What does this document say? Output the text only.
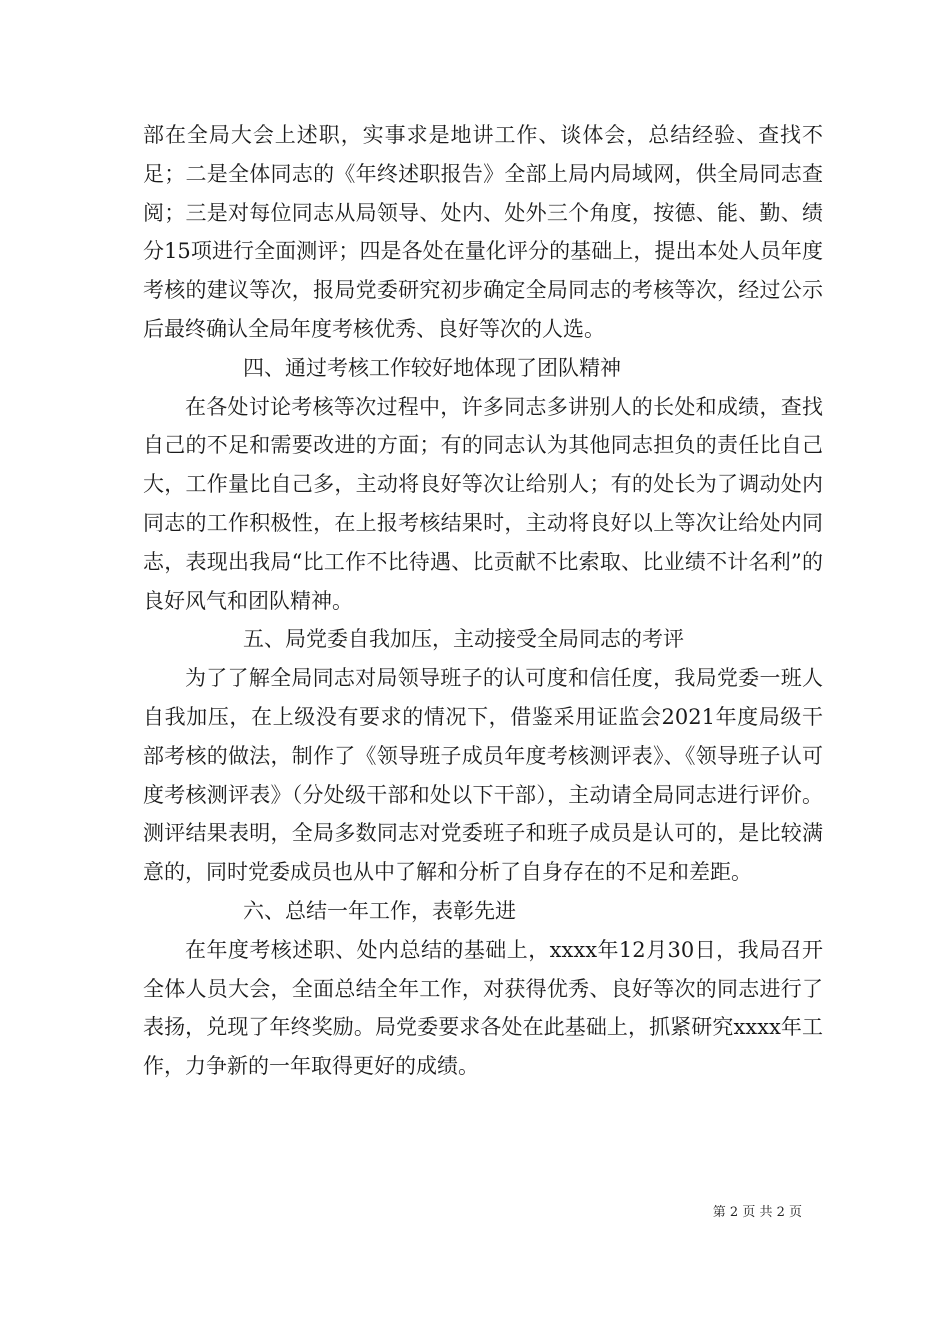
部在全局大会上述职，实事求是地讲工作、谈体会，总结经验、查找不足；二是全体同志的《年终述职报告》全部上局内局域网，供全局同志查阅；三是对每位同志从局领导、处内、处外三个角度，按德、能、勤、绩分15项进行全面测评；四是各处在量化评分的基础上，提出本处人员年度考核的建议等次，报局党委研究初步确定全局同志的考核等次，经过公示后最终确认全局年度考核优秀、良好等次的人选。

四、通过考核工作较好地体现了团队精神

在各处讨论考核等次过程中，许多同志多讲别人的长处和成绩，查找自己的不足和需要改进的方面；有的同志认为其他同志担负的责任比自己大，工作量比自己多，主动将良好等次让给别人；有的处长为了调动处内同志的工作积极性，在上报考核结果时，主动将良好以上等次让给处内同志，表现出我局“比工作不比待遇、比贡献不比索取、比业绩不计名利”的良好风气和团队精神。

五、局党委自我加压，主动接受全局同志的考评

为了了解全局同志对局领导班子的认可度和信任度，我局党委一班人自我加压，在上级没有要求的情况下，借鉴采用证监会2021年度局级干部考核的做法，制作了《领导班子成员年度考核测评表》、《领导班子认可度考核测评表》（分处级干部和处以下干部），主动请全局同志进行评价。测评结果表明，全局多数同志对党委班子和班子成员是认可的，是比较满意的，同时党委成员也从中了解和分析了自身存在的不足和差距。

六、总结一年工作，表彰先进

在年度考核述职、处内总结的基础上，xxxx年12月30日，我局召开全体人员大会，全面总结全年工作，对获得优秀、良好等次的同志进行了表扬，兑现了年终奖励。局党委要求各处在此基础上，抓紧研究xxxx年工作，力争新的一年取得更好的成绩。

第 2 页 共 2 页
